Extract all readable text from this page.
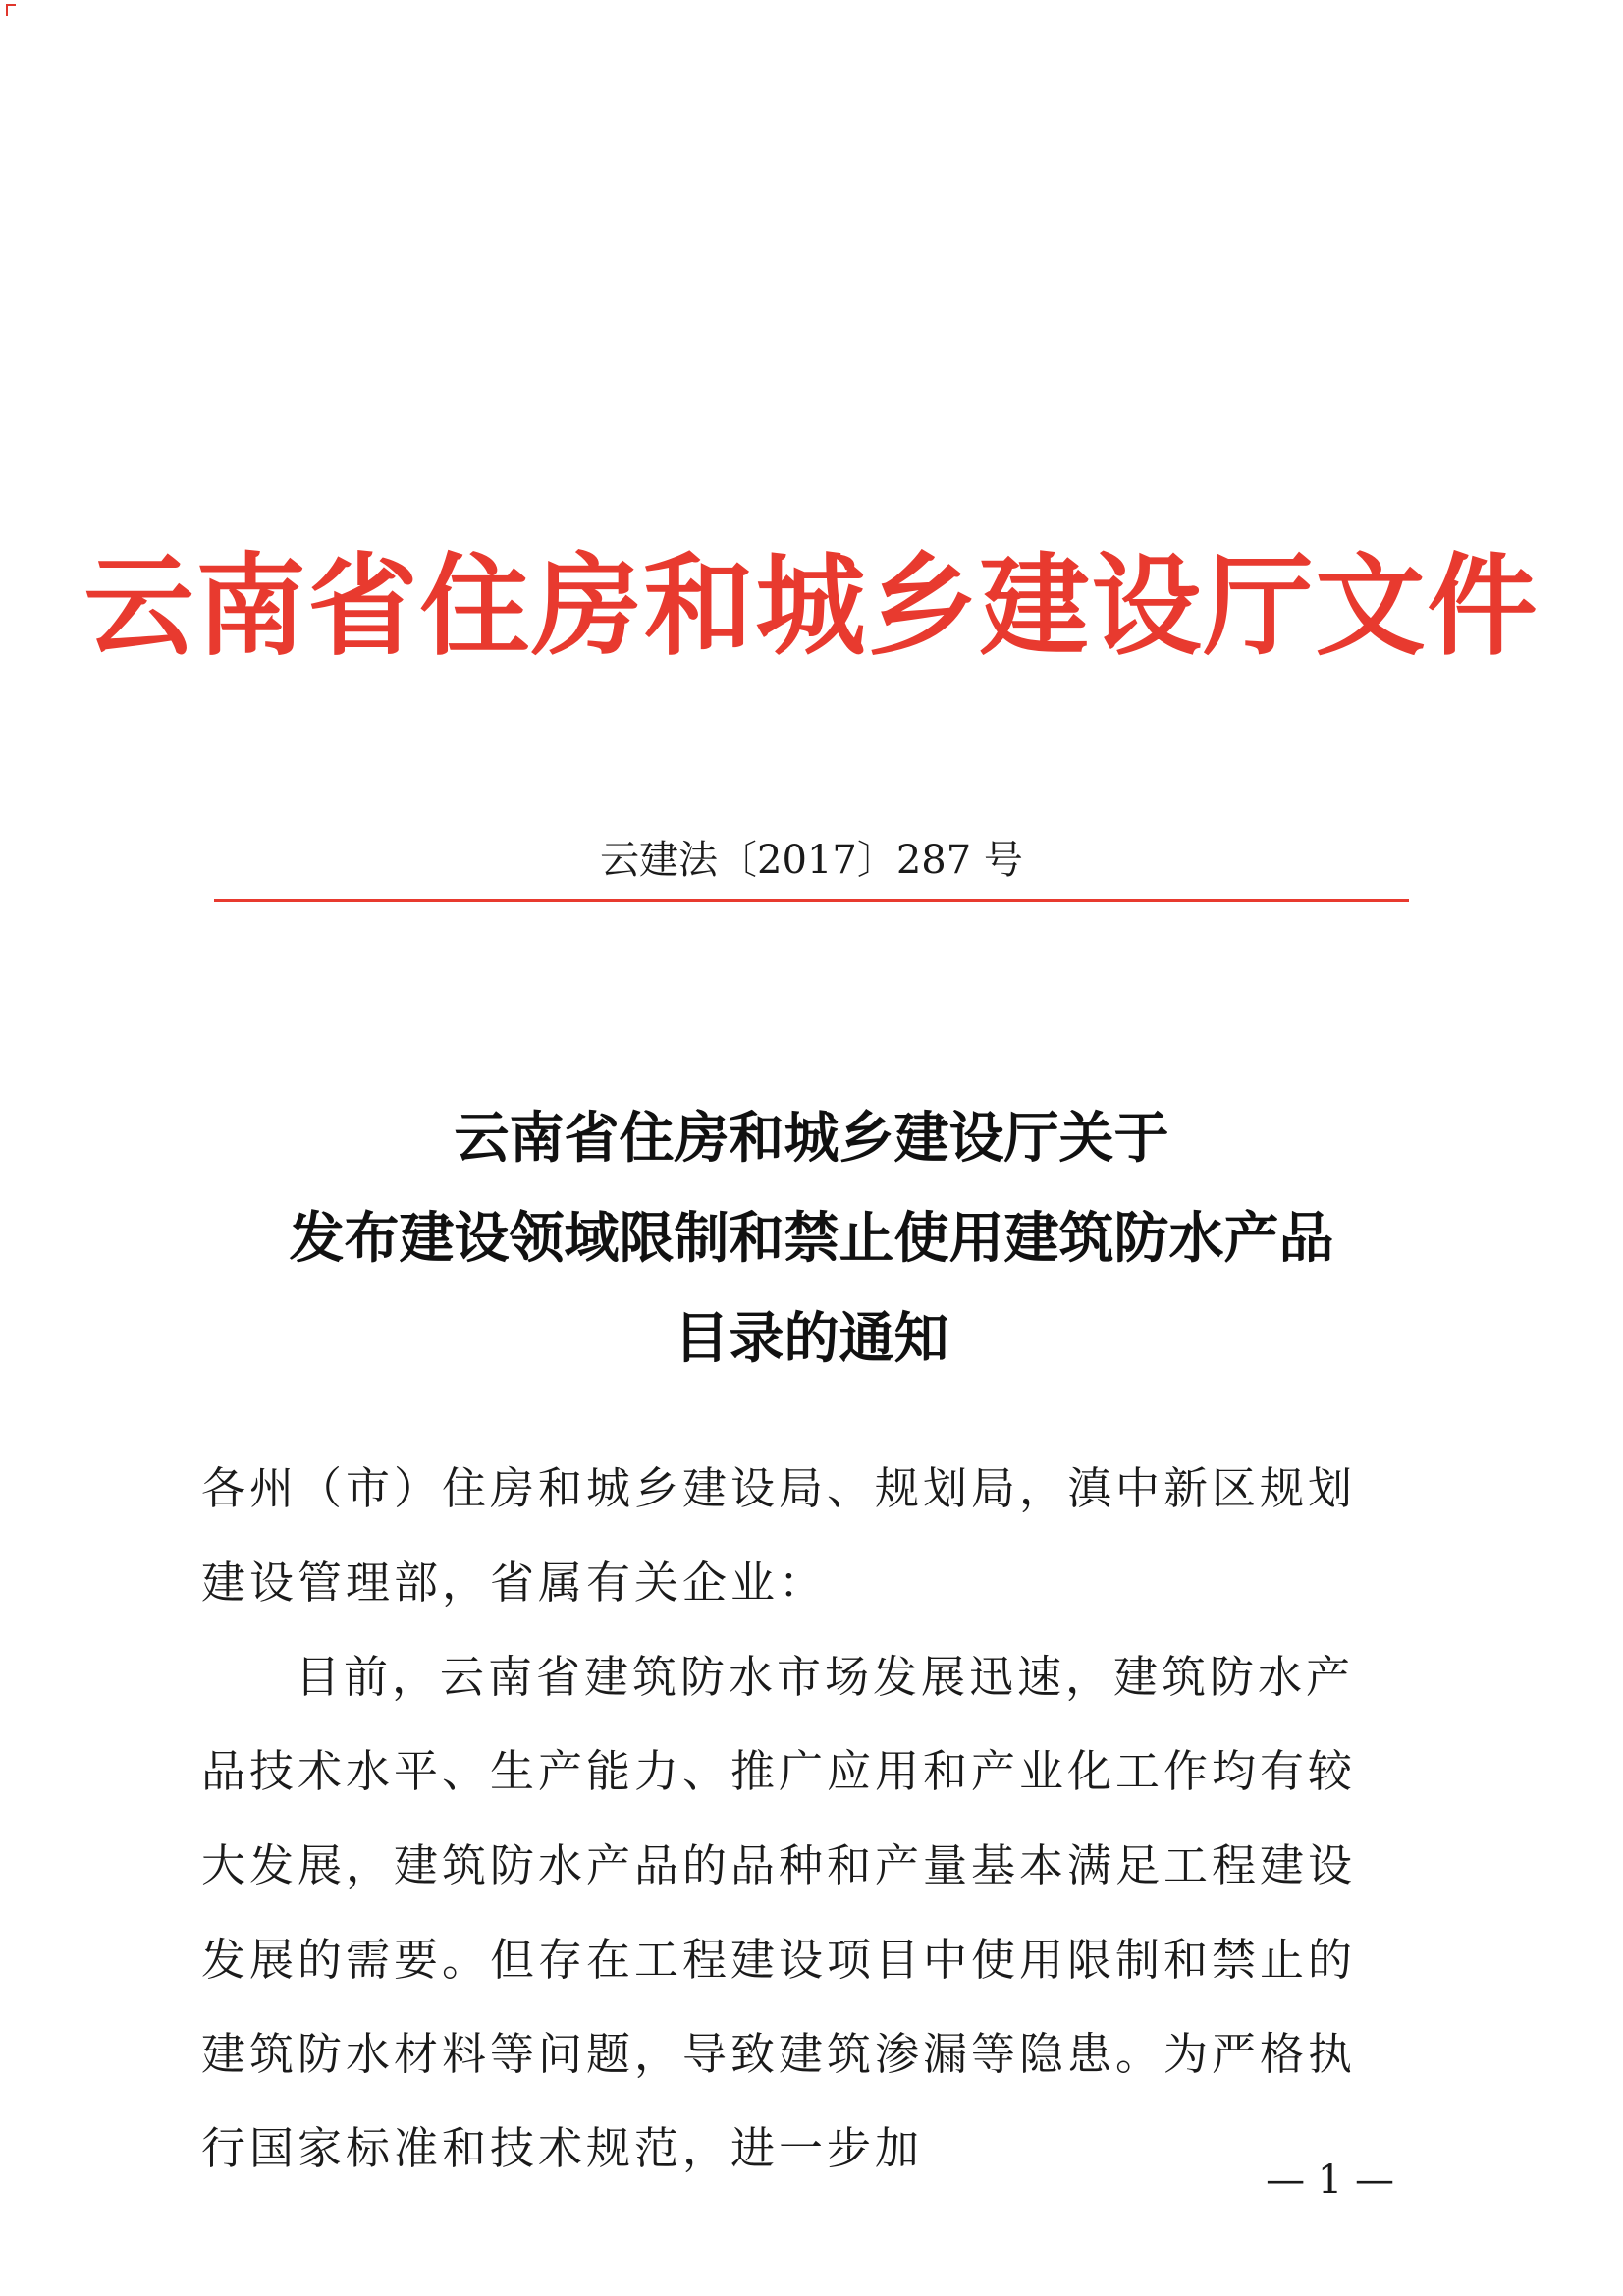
云南省住房和城乡建设厅文件
云建法〔2017〕287 号
云南省住房和城乡建设厅关于
发布建设领域限制和禁止使用建筑防水产品
目录的通知

各州（市）住房和城乡建设局、规划局，滇中新区规划建设管理部，省属有关企业：

目前，云南省建筑防水市场发展迅速，建筑防水产品技术水平、生产能力、推广应用和产业化工作均有较大发展，建筑防水产品的品种和产量基本满足工程建设发展的需要。但存在工程建设项目中使用限制和禁止的建筑防水材料等问题，导致建筑渗漏等隐患。为严格执行国家标准和技术规范，进一步加

— 1 —
